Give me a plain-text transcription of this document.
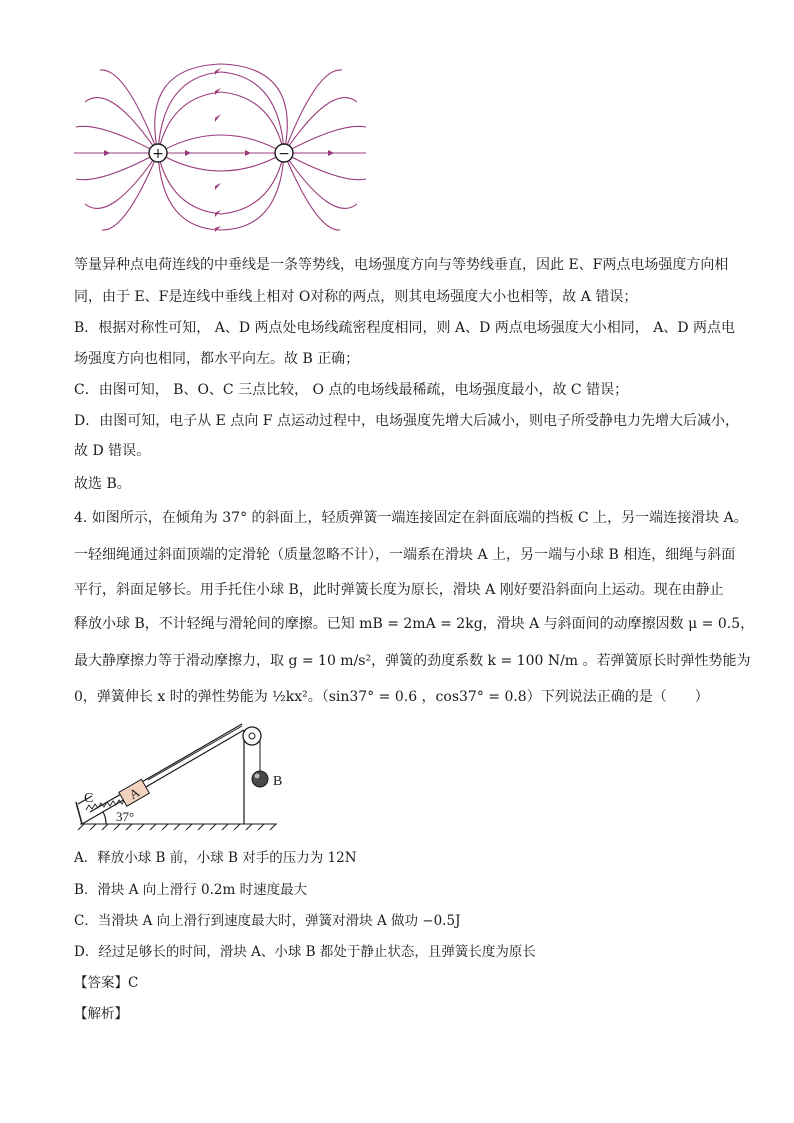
+	−
等量异种点电荷连线的中垂线是一条等势线，电场强度方向与等势线垂直，因此 E、F两点电场强度方向相
同，由于 E、F是连线中垂线上相对 O对称的两点，则其电场强度大小也相等，故 A 错误；
B．根据对称性可知， A、D 两点处电场线疏密程度相同，则 A、D 两点电场强度大小相同， A、D 两点电
场强度方向也相同，都水平向左。故 B 正确；
C．由图可知， B、O、C 三点比较， O 点的电场线最稀疏，电场强度最小，故 C 错误；
D．由图可知，电子从 E 点向 F 点运动过程中，电场强度先增大后减小，则电子所受静电力先增大后减小，
故 D 错误。
故选 B。
4. 如图所示，在倾角为 37° 的斜面上，轻质弹簧一端连接固定在斜面底端的挡板 C 上，另一端连接滑块 A。
一轻细绳通过斜面顶端的定滑轮（质量忽略不计），一端系在滑块 A 上，另一端与小球 B 相连，细绳与斜面
平行，斜面足够长。用手托住小球 B，此时弹簧长度为原长，滑块 A 刚好要沿斜面向上运动。现在由静止
释放小球 B，不计轻绳与滑轮间的摩擦。已知 mB = 2mA = 2kg，滑块 A 与斜面间的动摩擦因数 μ = 0.5，
最大静摩擦力等于滑动摩擦力，取 g = 10 m/s²，弹簧的劲度系数 k = 100 N/m 。若弹簧原长时弹性势能为
0，弹簧伸长 x 时的弹性势能为 ½kx²。（sin37° = 0.6 ，cos37° = 0.8）下列说法正确的是（　　）
A
B
C
37°
A．释放小球 B 前，小球 B 对手的压力为 12N
B．滑块 A 向上滑行 0.2m 时速度最大
C．当滑块 A 向上滑行到速度最大时，弹簧对滑块 A 做功 −0.5J
D．经过足够长的时间，滑块 A、小球 B 都处于静止状态，且弹簧长度为原长
【答案】C
【解析】
